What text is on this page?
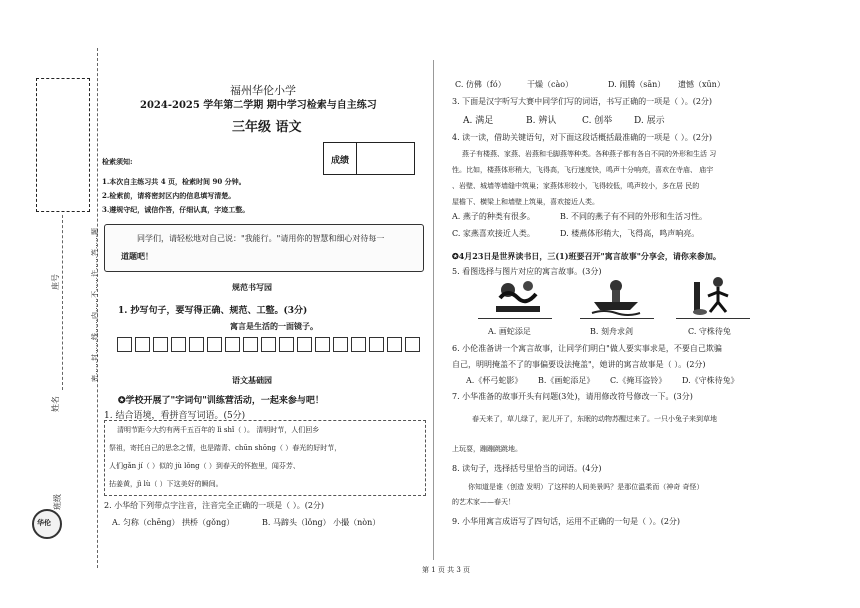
座号
姓名
班级
华伦
密……封……线……内……不……许……答……题
福州华伦小学
2024-2025 学年第二学期 期中学习检索与自主练习
三年级 语文
成绩
检索须知:
1.本次自主练习共 4 页，检索时间 90 分钟。
2.检索前，请将密封区内的信息填写清楚。
3.遵规守纪，诚信作答，仔细认真，字迹工整。
同学们，请轻松地对自己说："我能行。"请用你的智慧和细心对待每一
道题吧！
规范书写园
1. 抄写句子，要写得正确、规范、工整。(3分)
寓言是生活的一面镜子。
语文基础园
✪学校开展了"字词句"训练营活动，一起来参与吧！
1. 结合语境，看拼音写词语。(5分)
清明节距今大约有两千五百年的 lì shǐ（ ）。 清明时节，人们回乡
祭祖，寄托自己的思念之情，也是踏青、chūn shōng（ ）春光的好时节，
人们gǎn jí（ ）似的 jù lǒng（ ）到春天的怀抱里，闻芬芳、
拈姜黄，jì lù（ ）下这美好的瞬间。
2. 小华给下列带点字注音，注音完全正确的一项是（ ）。(2分)
A. 匀称（chēng） 拱桥（gǒng）	B. 马蹄头（lǒng） 小撮（nòn）
C. 仿佛（fó）	干燥（cào）	D. 闹腾（sān） 遗憾（xūn）
3. 下面是汉字听写大赛中同学们写的词语，书写正确的一项是（ ）。(2分)
A. 满足	B. 辨认	C. 创举 D. 展示
4. 读一读，借助关键语句，对下面这段话概括最准确的一项是（ ）。(2分)
燕子有楼燕、家燕、岩燕和毛脚燕等种类。各种燕子都有各自不同的外形和生活 习
性。比如，楼燕体形稍大，飞得高，飞行速度快，鸣声十分响亮，喜欢在寺庙、 庙宇
、岩壁、城墙等墙缝中筑巢；家燕体形较小，飞得较低，鸣声较小，多在居 民的
屋檐下、横梁上和墙壁上筑巢，喜欢接近人类。
A. 燕子的种类有很多。	B. 不同的燕子有不同的外形和生活习性。
C. 家燕喜欢接近人类。	D. 楼燕体形稍大，飞得高，鸣声响亮。
✪4月23日是世界读书日，三(1)班要召开"寓言故事"分享会，请你来参加。
5. 看图选择与图片对应的寓言故事。(3分)
A. 画蛇添足	B. 刻舟求剑	C. 守株待兔
6. 小伦准备讲一个寓言故事，让同学们明白"做人要实事求是，不要自己欺骗
自己，明明掩盖不了的事偏要设法掩盖"，她讲的寓言故事是（ ）。(2分)
A.《杯弓蛇影》 B.《画蛇添足》 C.《掩耳盗铃》 D.《守株待兔》
7. 小华准备的故事开头有问题(3处)，请用修改符号修改一下。(3分)
春天来了，草儿绿了，泥儿开了，东眠的动物苏醒过来了。一只小兔子来到草地
上玩耍，蹦蹦跳跳地。
8. 读句子，选择括号里恰当的词语。(4分)
你知道是谁（创造 发明）了这样的人间美景吗？是那位温柔而（神奇 奇怪）
的艺术家——春天！
9. 小华用寓言成语写了四句话，运用不正确的一句是（ ）。(2分)
第 1 页 共 3 页
